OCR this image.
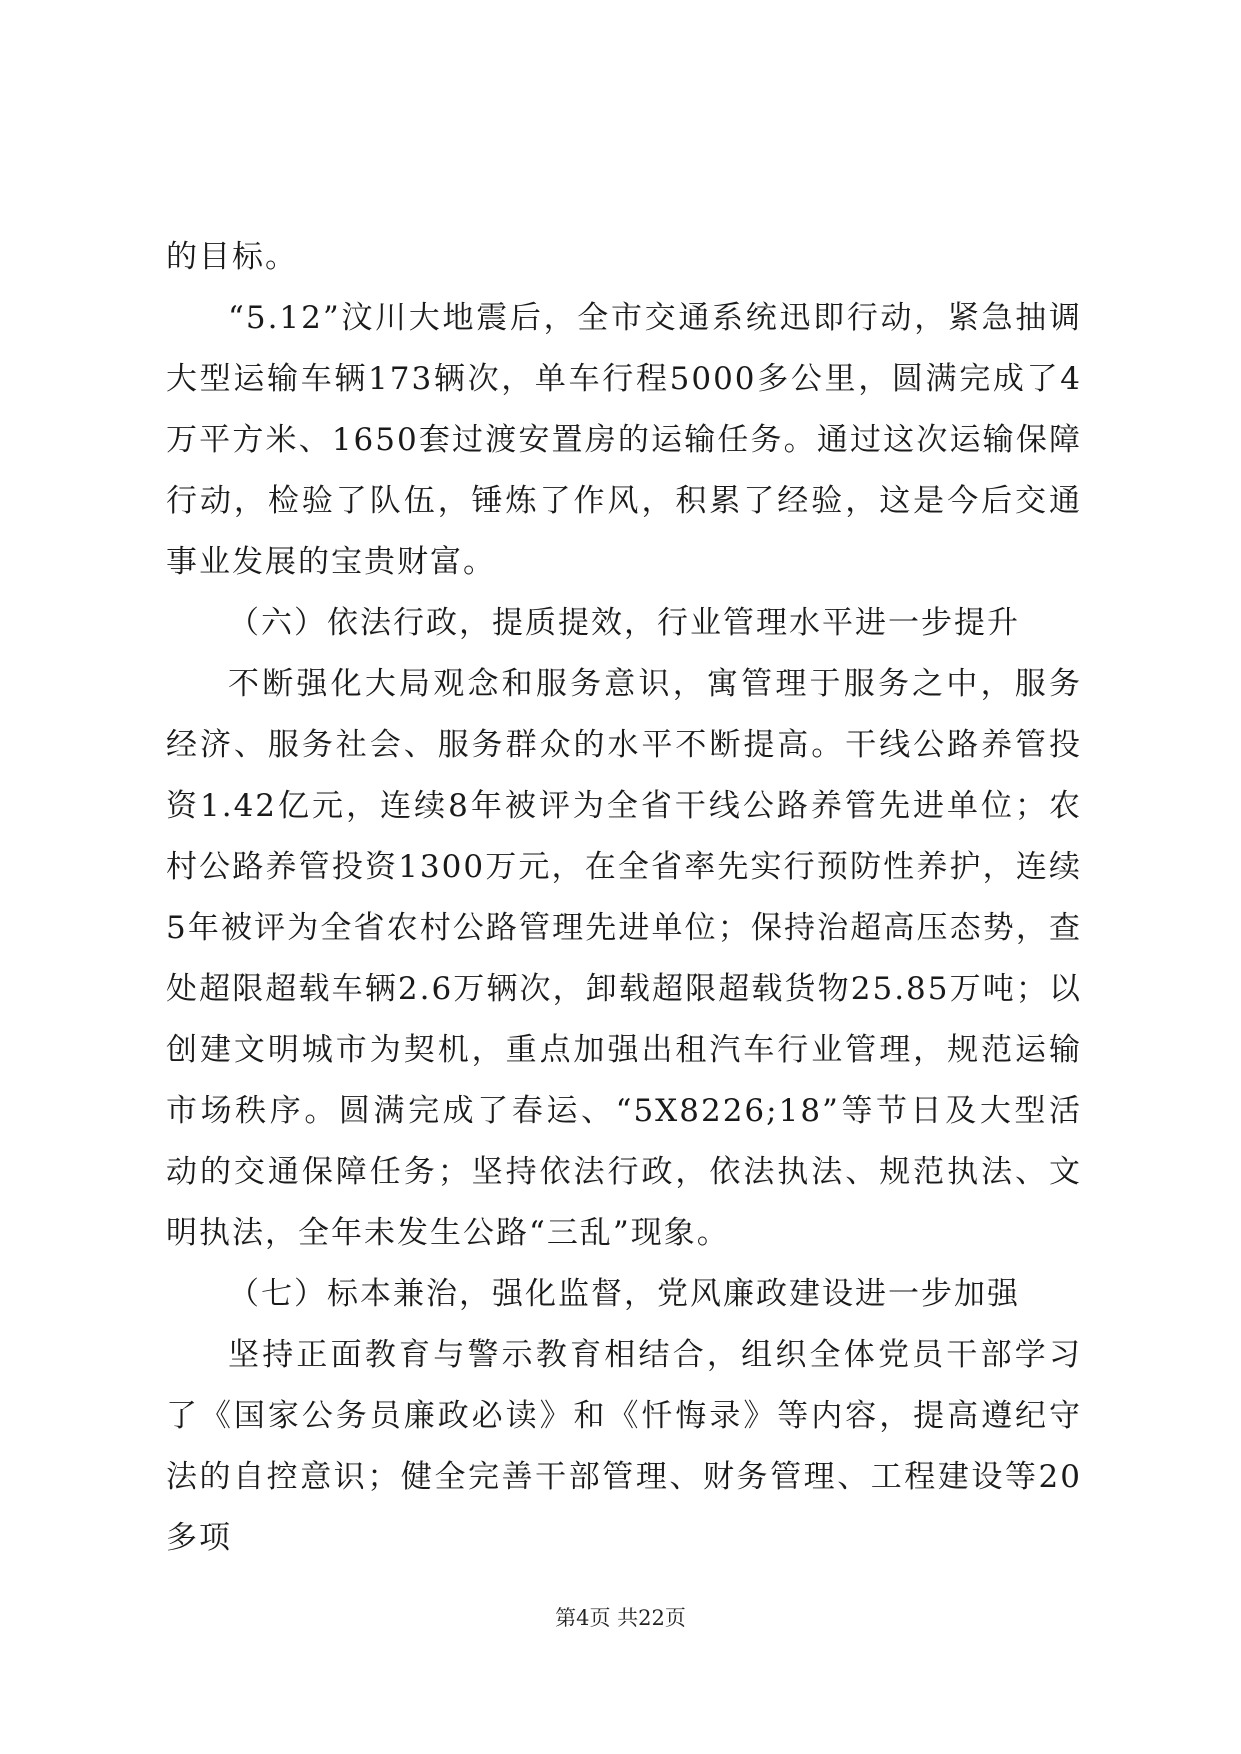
的目标。

“5.12”汶川大地震后，全市交通系统迅即行动，紧急抽调大型运输车辆173辆次，单车行程5000多公里，圆满完成了4万平方米、1650套过渡安置房的运输任务。通过这次运输保障行动，检验了队伍，锤炼了作风，积累了经验，这是今后交通事业发展的宝贵财富。

（六）依法行政，提质提效，行业管理水平进一步提升

不断强化大局观念和服务意识，寓管理于服务之中，服务经济、服务社会、服务群众的水平不断提高。干线公路养管投资1.42亿元，连续8年被评为全省干线公路养管先进单位；农村公路养管投资1300万元，在全省率先实行预防性养护，连续5年被评为全省农村公路管理先进单位；保持治超高压态势，查处超限超载车辆2.6万辆次，卸载超限超载货物25.85万吨；以创建文明城市为契机，重点加强出租汽车行业管理，规范运输市场秩序。圆满完成了春运、“5X8226;18”等节日及大型活动的交通保障任务；坚持依法行政，依法执法、规范执法、文明执法，全年未发生公路“三乱”现象。

（七）标本兼治，强化监督，党风廉政建设进一步加强

坚持正面教育与警示教育相结合，组织全体党员干部学习了《国家公务员廉政必读》和《忏悔录》等内容，提高遵纪守法的自控意识；健全完善干部管理、财务管理、工程建设等20多项

第4页 共22页
